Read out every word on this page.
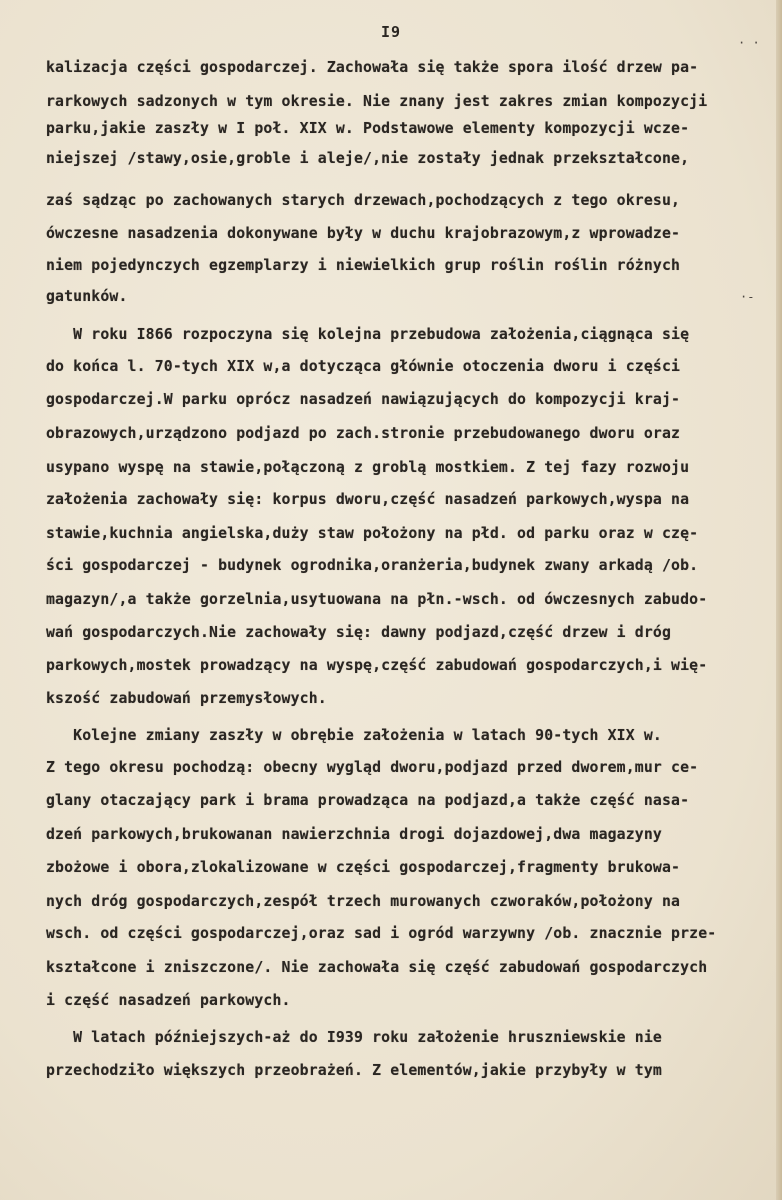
I9
· ·
·-
kalizacja części gospodarczej. Zachowała się także spora ilość drzew pa-
rarkowych sadzonych w tym okresie. Nie znany jest zakres zmian kompozycji
parku,jakie zaszły w I poł. XIX w. Podstawowe elementy kompozycji wcze-
niejszej /stawy,osie,groble i aleje/,nie zostały jednak przekształcone,
zaś sądząc po zachowanych starych drzewach,pochodzących z tego okresu,
ówczesne nasadzenia dokonywane były w duchu krajobrazowym,z wprowadze-
niem pojedynczych egzemplarzy i niewielkich grup roślin roślin różnych
gatunków.
W roku I866 rozpoczyna się kolejna przebudowa założenia,ciągnąca się
do końca l. 70-tych XIX w,a dotycząca głównie otoczenia dworu i części
gospodarczej.W parku oprócz nasadzeń nawiązujących do kompozycji kraj-
obrazowych,urządzono podjazd po zach.stronie przebudowanego dworu oraz
usypano wyspę na stawie,połączoną z groblą mostkiem. Z tej fazy rozwoju
założenia zachowały się: korpus dworu,część nasadzeń parkowych,wyspa na
stawie,kuchnia angielska,duży staw położony na płd. od parku oraz w czę-
ści gospodarczej - budynek ogrodnika,oranżeria,budynek zwany arkadą /ob.
magazyn/,a także gorzelnia,usytuowana na płn.-wsch. od ówczesnych zabudo-
wań gospodarczych.Nie zachowały się: dawny podjazd,część drzew i dróg
parkowych,mostek prowadzący na wyspę,część zabudowań gospodarczych,i wię-
kszość zabudowań przemysłowych.
Kolejne zmiany zaszły w obrębie założenia w latach 90-tych XIX w.
Z tego okresu pochodzą: obecny wygląd dworu,podjazd przed dworem,mur ce-
glany otaczający park i brama prowadząca na podjazd,a także część nasa-
dzeń parkowych,brukowanan nawierzchnia drogi dojazdowej,dwa magazyny
zbożowe i obora,zlokalizowane w części gospodarczej,fragmenty brukowa-
nych dróg gospodarczych,zespół trzech murowanych czworaków,położony na
wsch. od części gospodarczej,oraz sad i ogród warzywny /ob. znacznie prze-
kształcone i zniszczone/. Nie zachowała się część zabudowań gospodarczych
i część nasadzeń parkowych.
W latach późniejszych-aż do I939 roku założenie hruszniewskie nie
przechodziło większych przeobrażeń. Z elementów,jakie przybyły w tym
